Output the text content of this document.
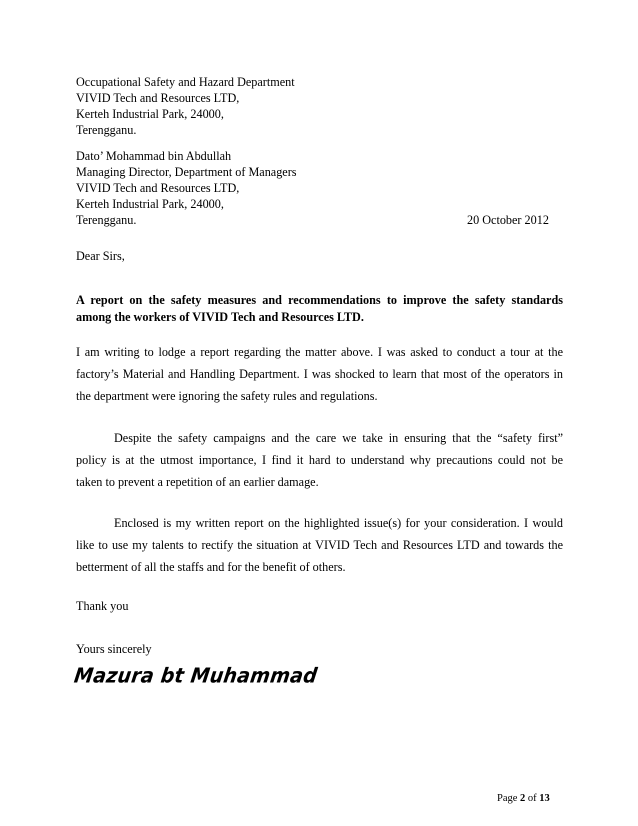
Occupational Safety and Hazard Department
VIVID Tech and Resources LTD,
Kerteh Industrial Park, 24000,
Terengganu.
Dato’ Mohammad bin Abdullah
Managing Director, Department of Managers
VIVID Tech and Resources LTD,
Kerteh Industrial Park, 24000,
Terengganu.	20 October 2012
Dear Sirs,
A report on the safety measures and recommendations to improve the safety standards
among the workers of VIVID Tech and Resources LTD.
I am writing to lodge a report regarding the matter above. I was asked to conduct a tour at the
factory’s Material and Handling Department. I was shocked to learn that most of the operators in
the department were ignoring the safety rules and regulations.
Despite the safety campaigns and the care we take in ensuring that the “safety first”
policy is at the utmost importance, I find it hard to understand why precautions could not be
taken to prevent a repetition of an earlier damage.
Enclosed is my written report on the highlighted issue(s) for your consideration. I would
like to use my talents to rectify the situation at VIVID Tech and Resources LTD and towards the
betterment of all the staffs and for the benefit of others.
Thank you
Yours sincerely
Mazura bt Muhammad
Page 2 of 13
